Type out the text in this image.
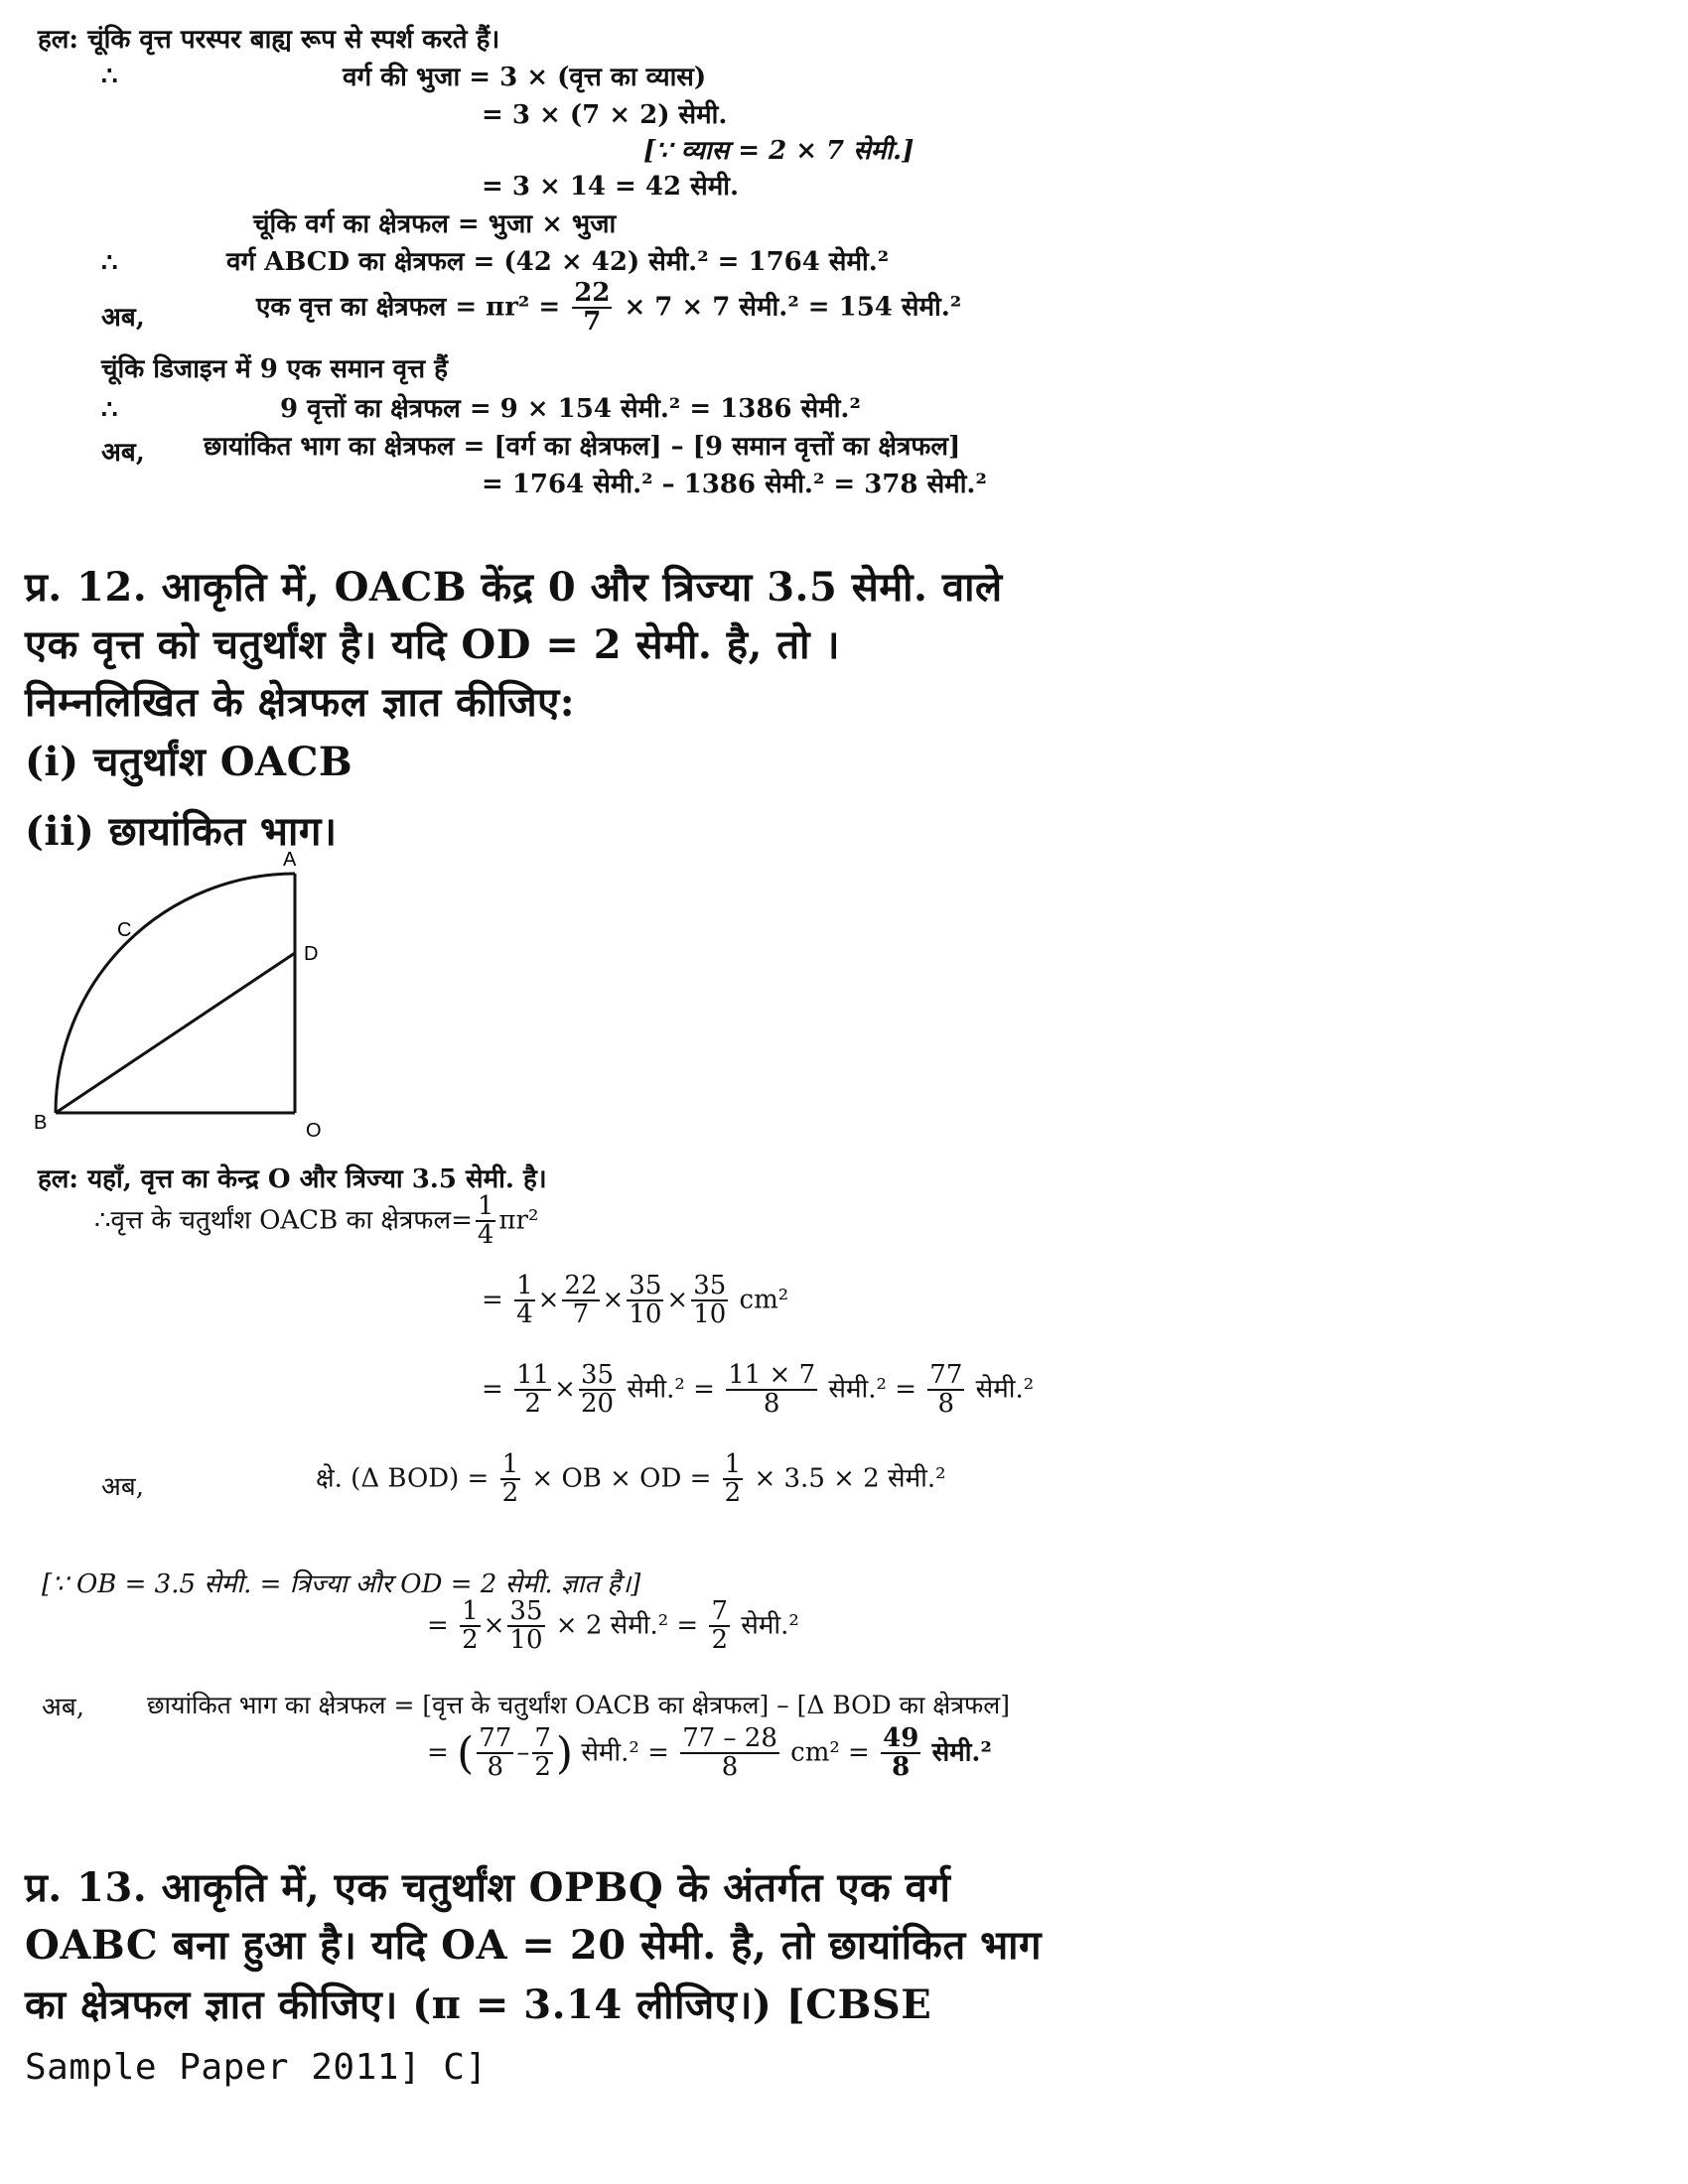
हल: चूंकि वृत्त परस्पर बाह्य रूप से स्पर्श करते हैं।
∴	वर्ग की भुजा = 3 × (वृत्त का व्यास)
= 3 × (7 × 2) सेमी.
[∵ व्यास = 2 × 7 सेमी.]
= 3 × 14 = 42 सेमी.
चूंकि वर्ग का क्षेत्रफल = भुजा × भुजा
∴	वर्ग ABCD का क्षेत्रफल = (42 × 42) सेमी.² = 1764 सेमी.²
अब,	एक वृत्त का क्षेत्रफल = $\pi r^2 = \frac{22}{7} \times 7 \times 7$ सेमी.² = 154 सेमी.²
चूंकि डिजाइन में 9 एक समान वृत्त हैं
∴	9 वृत्तों का क्षेत्रफल = 9 × 154 सेमी.² = 1386 सेमी.²
अब, छायांकित भाग का क्षेत्रफल = [वर्ग का क्षेत्रफल] – [9 समान वृत्तों का क्षेत्रफल]
= 1764 सेमी.² – 1386 सेमी.² = 378 सेमी.²
प्र. 12. आकृति में, OACB केंद्र 0 और त्रिज्या 3.5 सेमी. वाले
एक वृत्त को चतुर्थांश है। यदि OD = 2 सेमी. है, तो ।
निम्नलिखित के क्षेत्रफल ज्ञात कीजिए:
(i) चतुर्थांश OACB
(ii) छायांकित भाग।
A
C
D
B	O
हल: यहाँ, वृत्त का केन्द्र O और त्रिज्या 3.5 सेमी. है।
∴वृत्त के चतुर्थांश OACB का क्षेत्रफल= $\frac{1}{4} \pi r^2$
= $\frac{1}{4} \times \frac{22}{7} \times \frac{35}{10} \times \frac{35}{10} cm^2$
= $\frac{11}{2} \times \frac{35}{20}$ सेमी.² = $\frac{11 \times 7}{8}$ सेमी.² = $\frac{77}{8}$ सेमी.²
अब,	क्षे. (Δ $BOD) = \frac{1}{2}$ × OB × OD = $\frac{1}{2} \times 3.5 \times 2$ सेमी.²
[∵ OB = 3.5 सेमी. = त्रिज्या और OD = 2 सेमी. ज्ञात है।]
= $\frac{1}{2} \times \frac{35}{10} \times 2$ सेमी.² = $\frac{7}{2}$ सेमी.²
अब,	छायांकित भाग का क्षेत्रफल = [वृत्त के चतुर्थांश OACB का क्षेत्रफल] – [Δ BOD का क्षेत्रफल]
= ( $\frac{77}{8} - \frac{7}{2}$ ) सेमी.² = $\frac{77 - 28}{8} cm^2 = \frac{49}{8}$ सेमी.²
प्र. 13. आकृति में, एक चतुर्थांश OPBQ के अंतर्गत एक वर्ग
OABC बना हुआ है। यदि OA = 20 सेमी. है, तो छायांकित भाग
का क्षेत्रफल ज्ञात कीजिए। (π = 3.14 लीजिए।) [CBSE
Sample Paper 2011] C]
